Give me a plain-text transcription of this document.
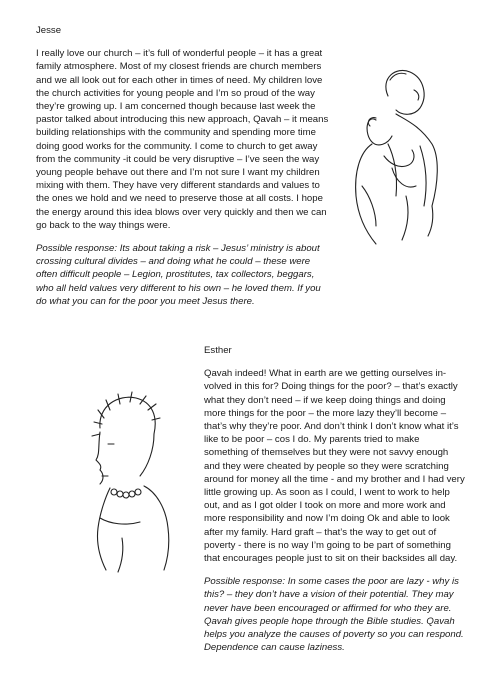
Jesse

I really love our church – it’s full of wonderful people – it has a great family atmosphere. Most of my closest friends are church members and we all look out for each other in times of need. My children love the church activities for young people and I’m so proud of the way they’re growing up. I am concerned though because last week the pastor talked about introducing this new approach, Qavah – it means building relationships with the community and spending more time doing good works for the community. I come to church to get away from the community -it could be very disruptive – I’ve seen the way young people behave out there and I’m not sure I want my children mixing with them. They have very different standards and values to the ones we hold and we need to preserve those at all costs. I hope the energy around this idea blows over very quickly and then we can go back to the way things were.

Possible response: Its about taking a risk – Jesus’ ministry is about crossing cultural divides – and doing what he could – these were often difficult people – Legion, prostitutes, tax collectors, beggars, who all held values very different to his own – he loved them. If you do what you can for the poor you meet Jesus there.

Esther

Qavah indeed! What in earth are we getting ourselves in-volved in this for? Doing things for the poor? – that’s exactly what they don’t need – if we keep doing things and doing more things for the poor – the more lazy they’ll become – that’s why they’re poor. And don’t think I don’t know what it’s like to be poor – cos I do. My parents tried to make something of themselves but they were not savvy enough and they were cheated by people so they were scratching around for money all the time - and my brother and I had very little growing up. As soon as I could, I went to work to help out, and as I got older I took on more and more work and more responsibility and now I’m doing Ok and able to look after my family. Hard graft – that’s the way to get out of poverty - there is no way I’m going to be part of something that encourages people just to sit on their backsides all day.

Possible response: In some cases the poor are lazy - why is this? – they don’t have a vision of their potential. They may never have been encouraged or affirmed for who they are. Qavah gives people hope through the Bible studies. Qavah helps you analyze the causes of poverty so you can respond. Dependence can cause laziness.
